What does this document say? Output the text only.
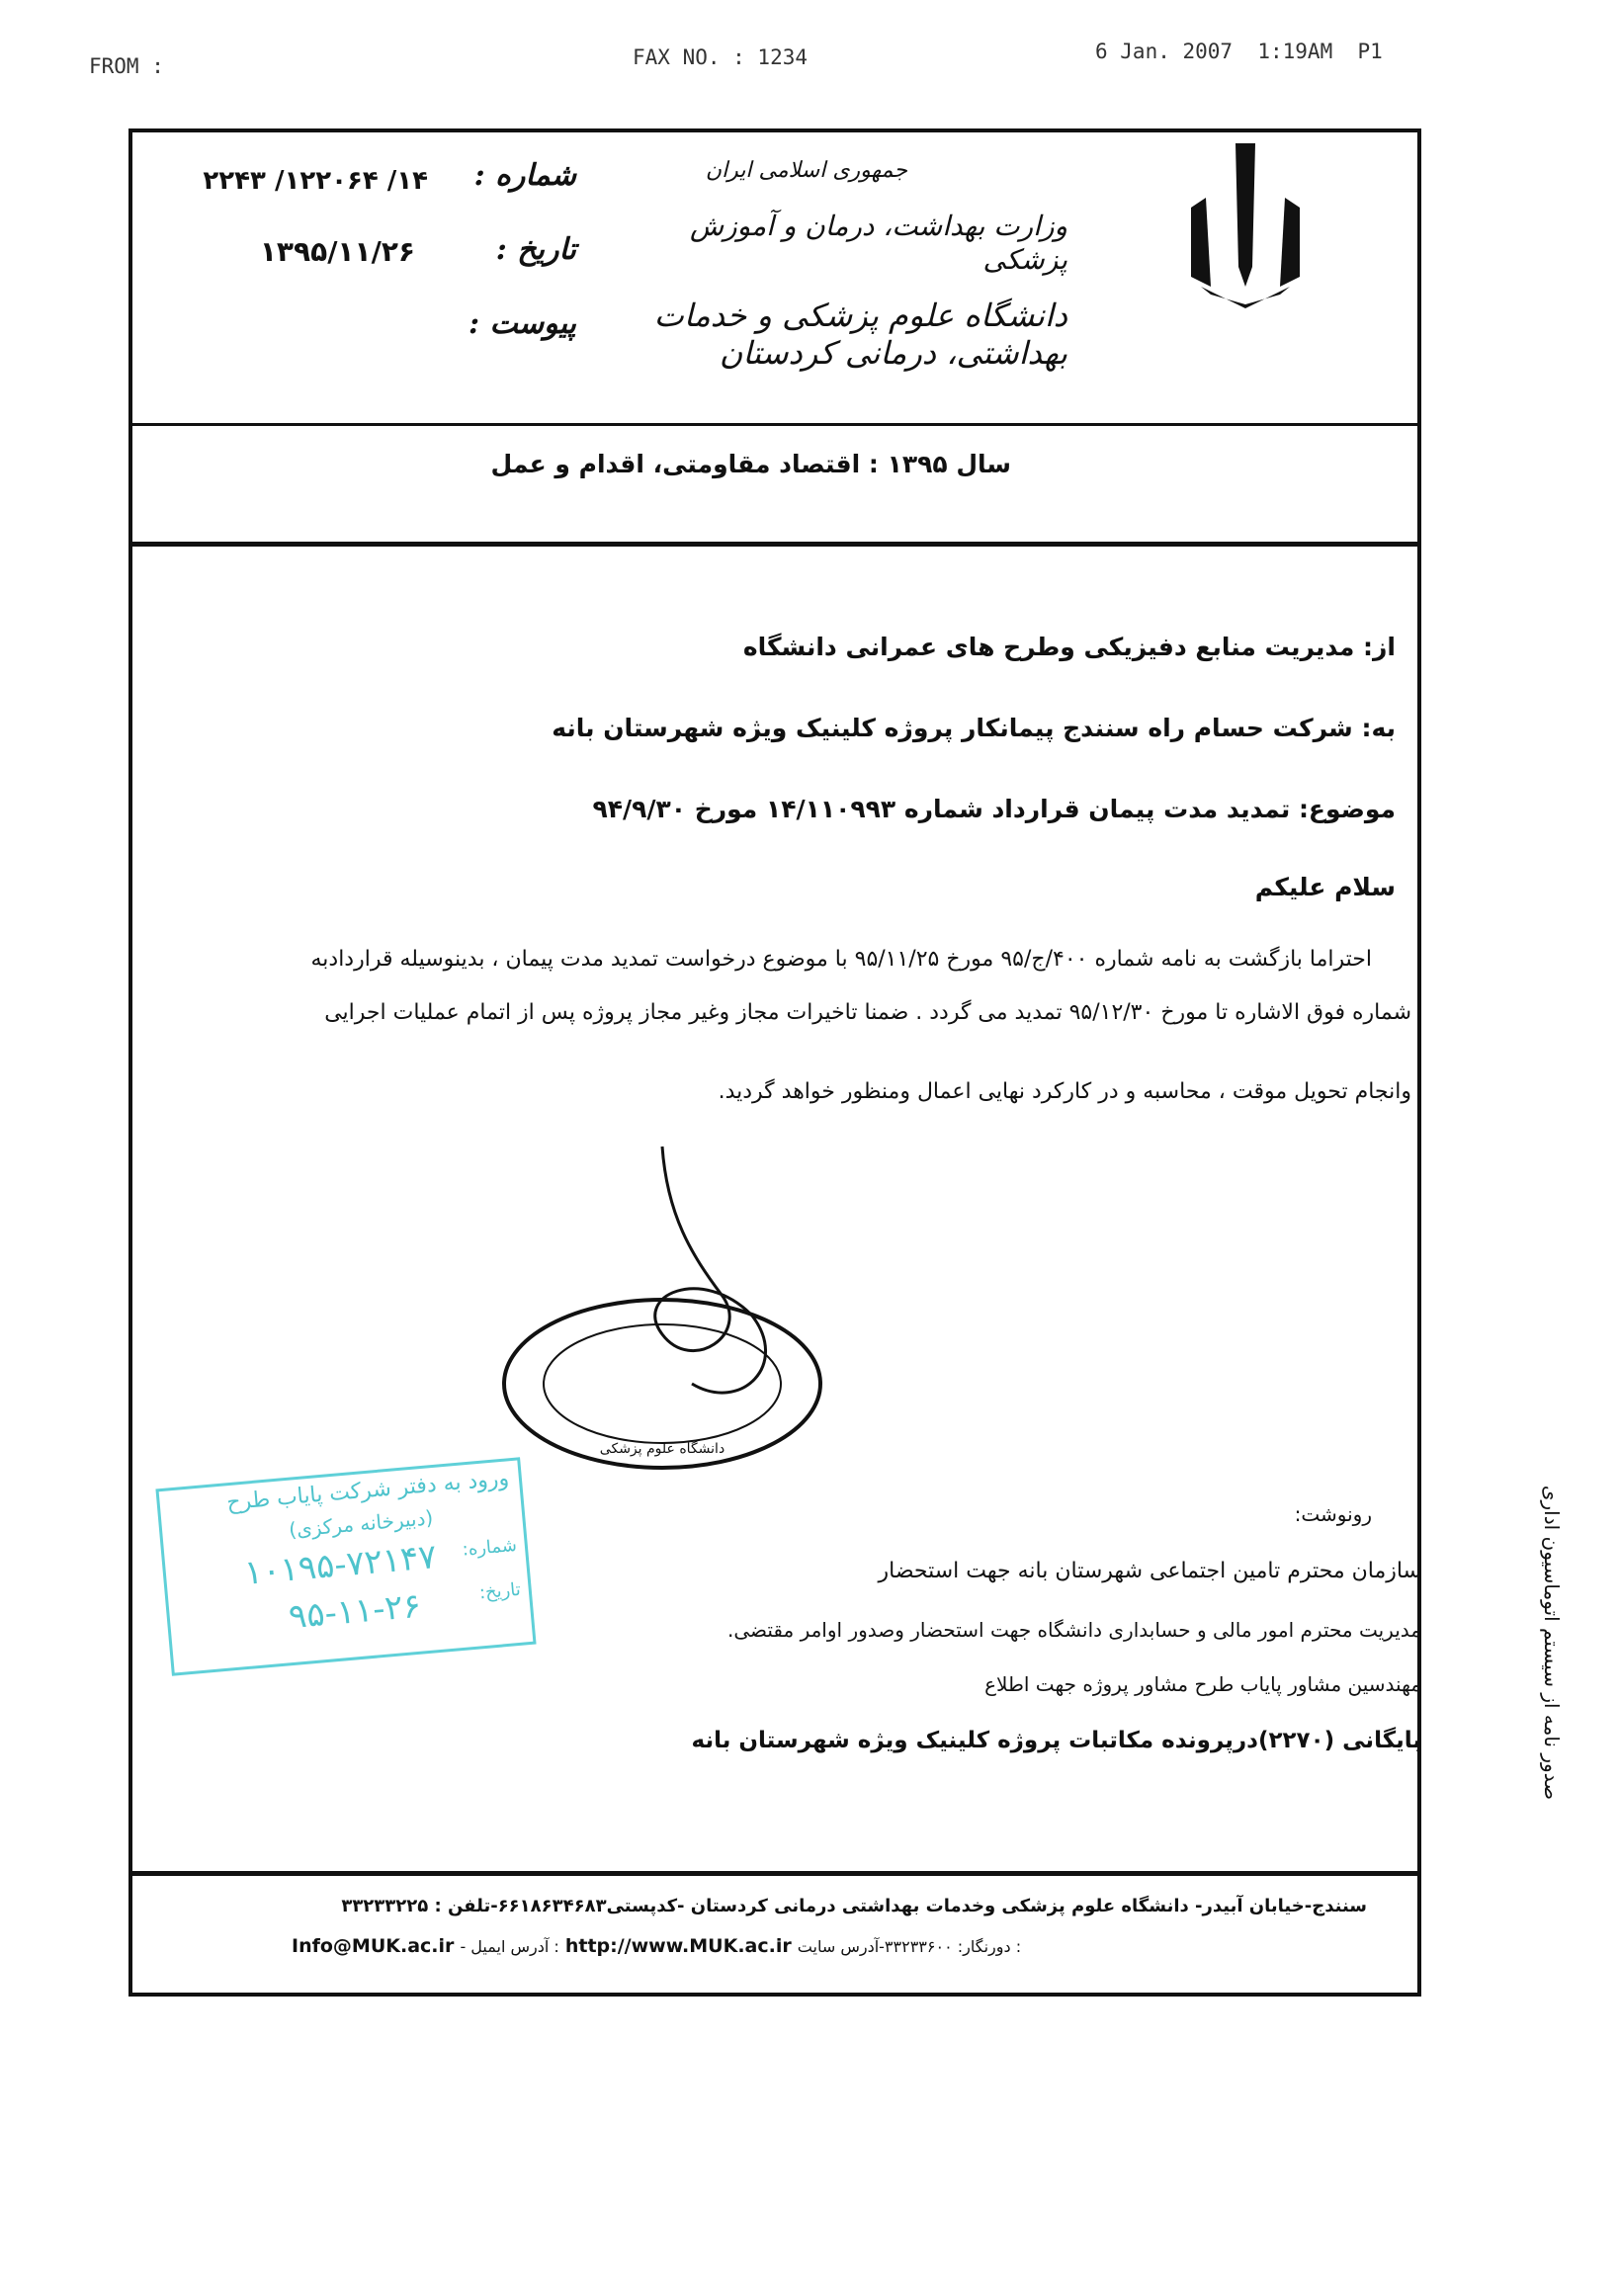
FROM :	FAX NO. : 1234	6 Jan. 2007  1:19AM  P1
جمهوری اسلامی ایران
وزارت بهداشت، درمان و آموزش پزشکی
دانشگاه علوم پزشکی و خدمات بهداشتی، درمانی کردستان
شماره :
۱۴/ ۱۲۲۰۶۴/ ۲۲۴۳
تاریخ :
۱۳۹۵/۱۱/۲۶
پیوست :
سال ۱۳۹۵ : اقتصاد مقاومتی، اقدام و عمل
از: مدیریت منابع دفیزیکی وطرح های عمرانی دانشگاه
به: شرکت حسام راه سنندج پیمانکار پروژه کلینیک ویژه شهرستان بانه
موضوع: تمدید مدت پیمان قرارداد شماره ۱۴/۱۱۰۹۹۳ مورخ ۹۴/۹/۳۰
سلام علیکم
احتراما بازگشت به نامه شماره ۴۰۰/ج/۹۵ مورخ ۹۵/۱۱/۲۵ با موضوع درخواست تمدید مدت پیمان ، بدینوسیله قراردادبه
شماره فوق الاشاره تا مورخ ۹۵/۱۲/۳۰ تمدید می گردد . ضمنا تاخیرات مجاز وغیر مجاز پروژه پس از اتمام عملیات اجرایی
وانجام تحویل موقت ، محاسبه و در کارکرد نهایی اعمال ومنظور خواهد گردید.
دانشگاه علوم پزشکی
ورود به دفتر شرکت پایاب طرح
(دبیرخانه مرکزی)
شماره:
۱۰۱۹۵-۷۲۱۴۷ تاریخ:
۹۵-۱۱-۲۶
رونوشت:
سازمان محترم تامین اجتماعی شهرستان بانه جهت استحضار
مدیریت محترم امور مالی و حسابداری دانشگاه جهت استحضار وصدور اوامر مقتضی.
مهندسین مشاور پایاب طرح مشاور پروژه جهت اطلاع
بایگانی (۲۲۷۰)درپرونده مکاتبات پروژه کلینیک ویژه شهرستان بانه	صدور نامه از سیستم اتوماسیون اداری
سنندج-خیابان آبیدر- دانشگاه علوم پزشکی وخدمات بهداشتی درمانی کردستان -کدپستی۶۶۱۸۶۳۴۶۸۳-تلفن : ۳۳۲۳۳۲۲۵
Info@MUK.ac.ir - آدرس ایمیل : http://www.MUK.ac.ir دورنگار: ۳۳۲۳۳۶۰۰-آدرس سایت :
